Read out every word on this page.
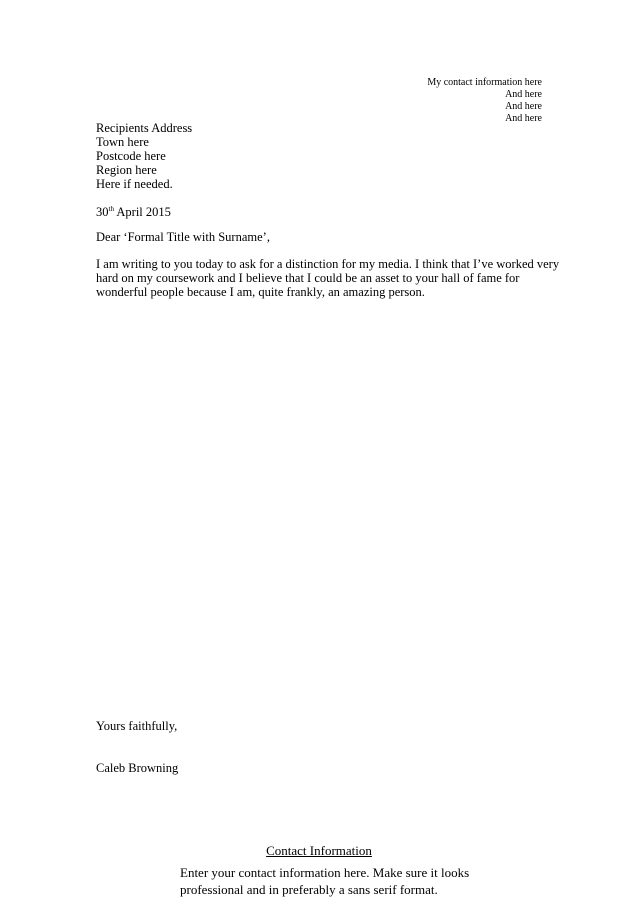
My contact information here
And here
And here
And here
Recipients Address
Town here
Postcode here
Region here
Here if needed.
30th April 2015
Dear ‘Formal Title with Surname’,
I am writing to you today to ask for a distinction for my media. I think that I’ve worked very
hard on my coursework and I believe that I could be an asset to your hall of fame for
wonderful people because I am, quite frankly, an amazing person.
Yours faithfully,
Caleb Browning
Contact Information
Enter your contact information here. Make sure it looks
professional and in preferably a sans serif format.
